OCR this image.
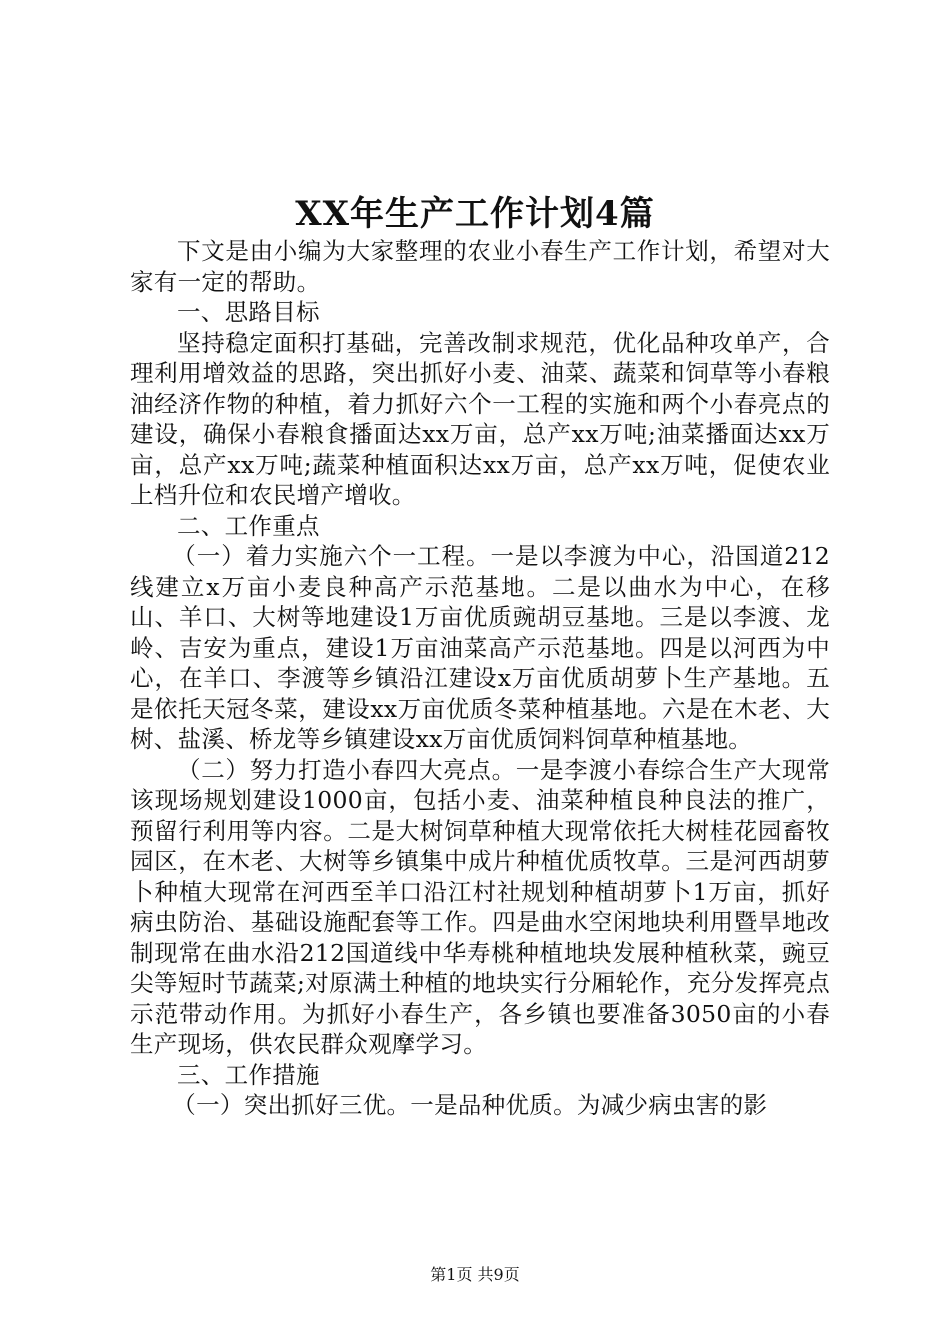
XX年生产工作计划4篇

下文是由小编为大家整理的农业小春生产工作计划，希望对大家有一定的帮助。

一、思路目标

坚持稳定面积打基础，完善改制求规范，优化品种攻单产，合理利用增效益的思路，突出抓好小麦、油菜、蔬菜和饲草等小春粮油经济作物的种植，着力抓好六个一工程的实施和两个小春亮点的建设，确保小春粮食播面达xx万亩，总产xx万吨;油菜播面达xx万亩，总产xx万吨;蔬菜种植面积达xx万亩，总产xx万吨，促使农业上档升位和农民增产增收。

二、工作重点

（一）着力实施六个一工程。一是以李渡为中心，沿国道212线建立x万亩小麦良种高产示范基地。二是以曲水为中心，在移山、羊口、大树等地建设1万亩优质豌胡豆基地。三是以李渡、龙岭、吉安为重点，建设1万亩油菜高产示范基地。四是以河西为中心，在羊口、李渡等乡镇沿江建设x万亩优质胡萝卜生产基地。五是依托天冠冬菜，建设xx万亩优质冬菜种植基地。六是在木老、大树、盐溪、桥龙等乡镇建设xx万亩优质饲料饲草种植基地。

（二）努力打造小春四大亮点。一是李渡小春综合生产大现常该现场规划建设1000亩，包括小麦、油菜种植良种良法的推广，预留行利用等内容。二是大树饲草种植大现常依托大树桂花园畜牧园区，在木老、大树等乡镇集中成片种植优质牧草。三是河西胡萝卜种植大现常在河西至羊口沿江村社规划种植胡萝卜1万亩，抓好病虫防治、基础设施配套等工作。四是曲水空闲地块利用暨旱地改制现常在曲水沿212国道线中华寿桃种植地块发展种植秋菜，豌豆尖等短时节蔬菜;对原满土种植的地块实行分厢轮作，充分发挥亮点示范带动作用。为抓好小春生产，各乡镇也要准备3050亩的小春生产现场，供农民群众观摩学习。

三、工作措施

（一）突出抓好三优。一是品种优质。为减少病虫害的影

第1页 共9页
